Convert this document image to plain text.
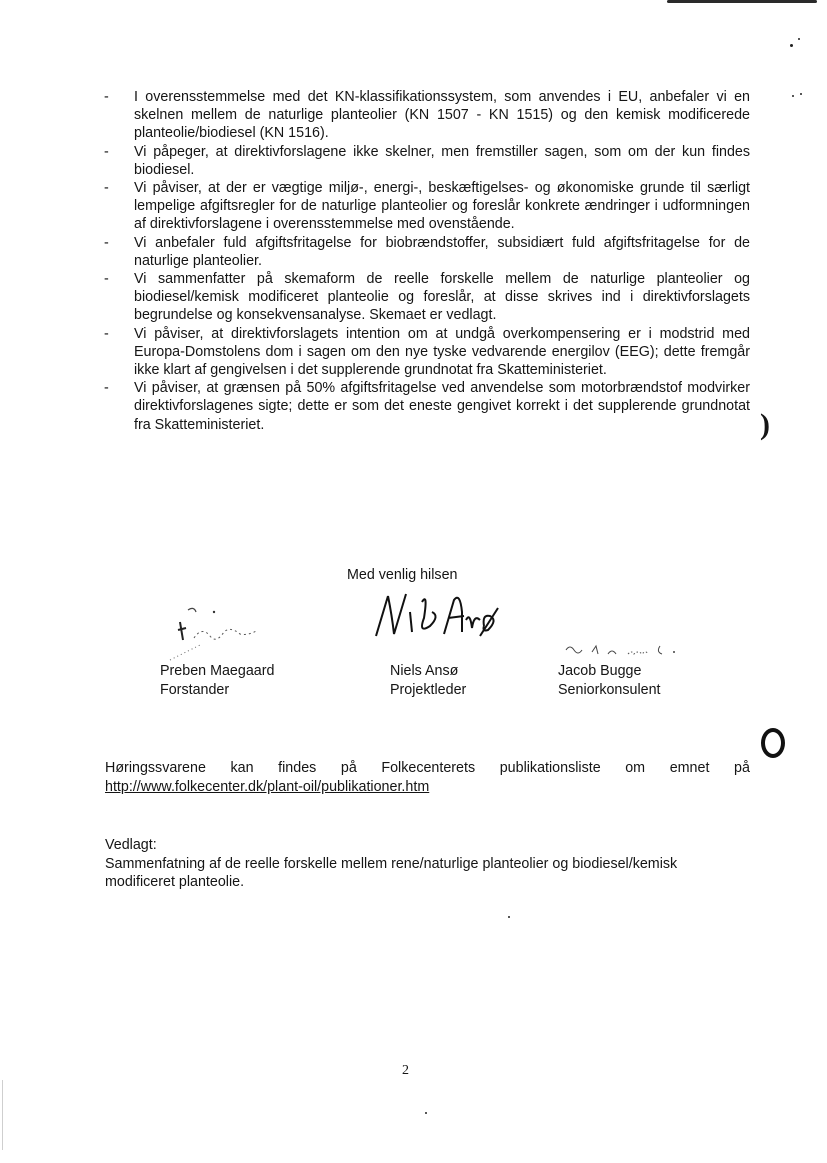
- I overensstemmelse med det KN-klassifikationssystem, som anvendes i EU, anbefaler vi en skelnen mellem de naturlige planteolier (KN 1507 - KN 1515) og den kemisk modificerede planteolie/biodiesel (KN 1516).
- Vi påpeger, at direktivforslagene ikke skelner, men fremstiller sagen, som om der kun findes biodiesel.
- Vi påviser, at der er vægtige miljø-, energi-, beskæftigelses- og økonomiske grunde til særligt lempelige afgiftsregler for de naturlige planteolier og foreslår konkrete ændringer i udformningen af direktivforslagene i overensstemmelse med ovenstående.
- Vi anbefaler fuld afgiftsfritagelse for biobrændstoffer, subsidiært fuld afgiftsfritagelse for de naturlige planteolier.
- Vi sammenfatter på skemaform de reelle forskelle mellem de naturlige planteolier og biodiesel/kemisk modificeret planteolie og foreslår, at disse skrives ind i direktivforslagets begrundelse og konsekvensanalyse. Skemaet er vedlagt.
- Vi påviser, at direktivforslagets intention om at undgå overkompensering er i modstrid med Europa-Domstolens dom i sagen om den nye tyske vedvarende energilov (EEG); dette fremgår ikke klart af gengivelsen i det supplerende grundnotat fra Skatteministeriet.
- Vi påviser, at grænsen på 50% afgiftsfritagelse ved anvendelse som motorbrændstof modvirker direktivforslagenes sigte; dette er som det eneste gengivet korrekt i det supplerende grundnotat fra Skatteministeriet.	)
Med venlig hilsen
Preben Maegaard
Forstander
Niels Ansø
Projektleder
Jacob Bugge
Seniorkonsulent
Høringssvarene kan findes på Folkecenterets publikationsliste om emnet på
http://www.folkecenter.dk/plant-oil/publikationer.htm
Vedlagt:
Sammenfatning af de reelle forskelle mellem rene/naturlige planteolier og biodiesel/kemisk modificeret planteolie.
2
